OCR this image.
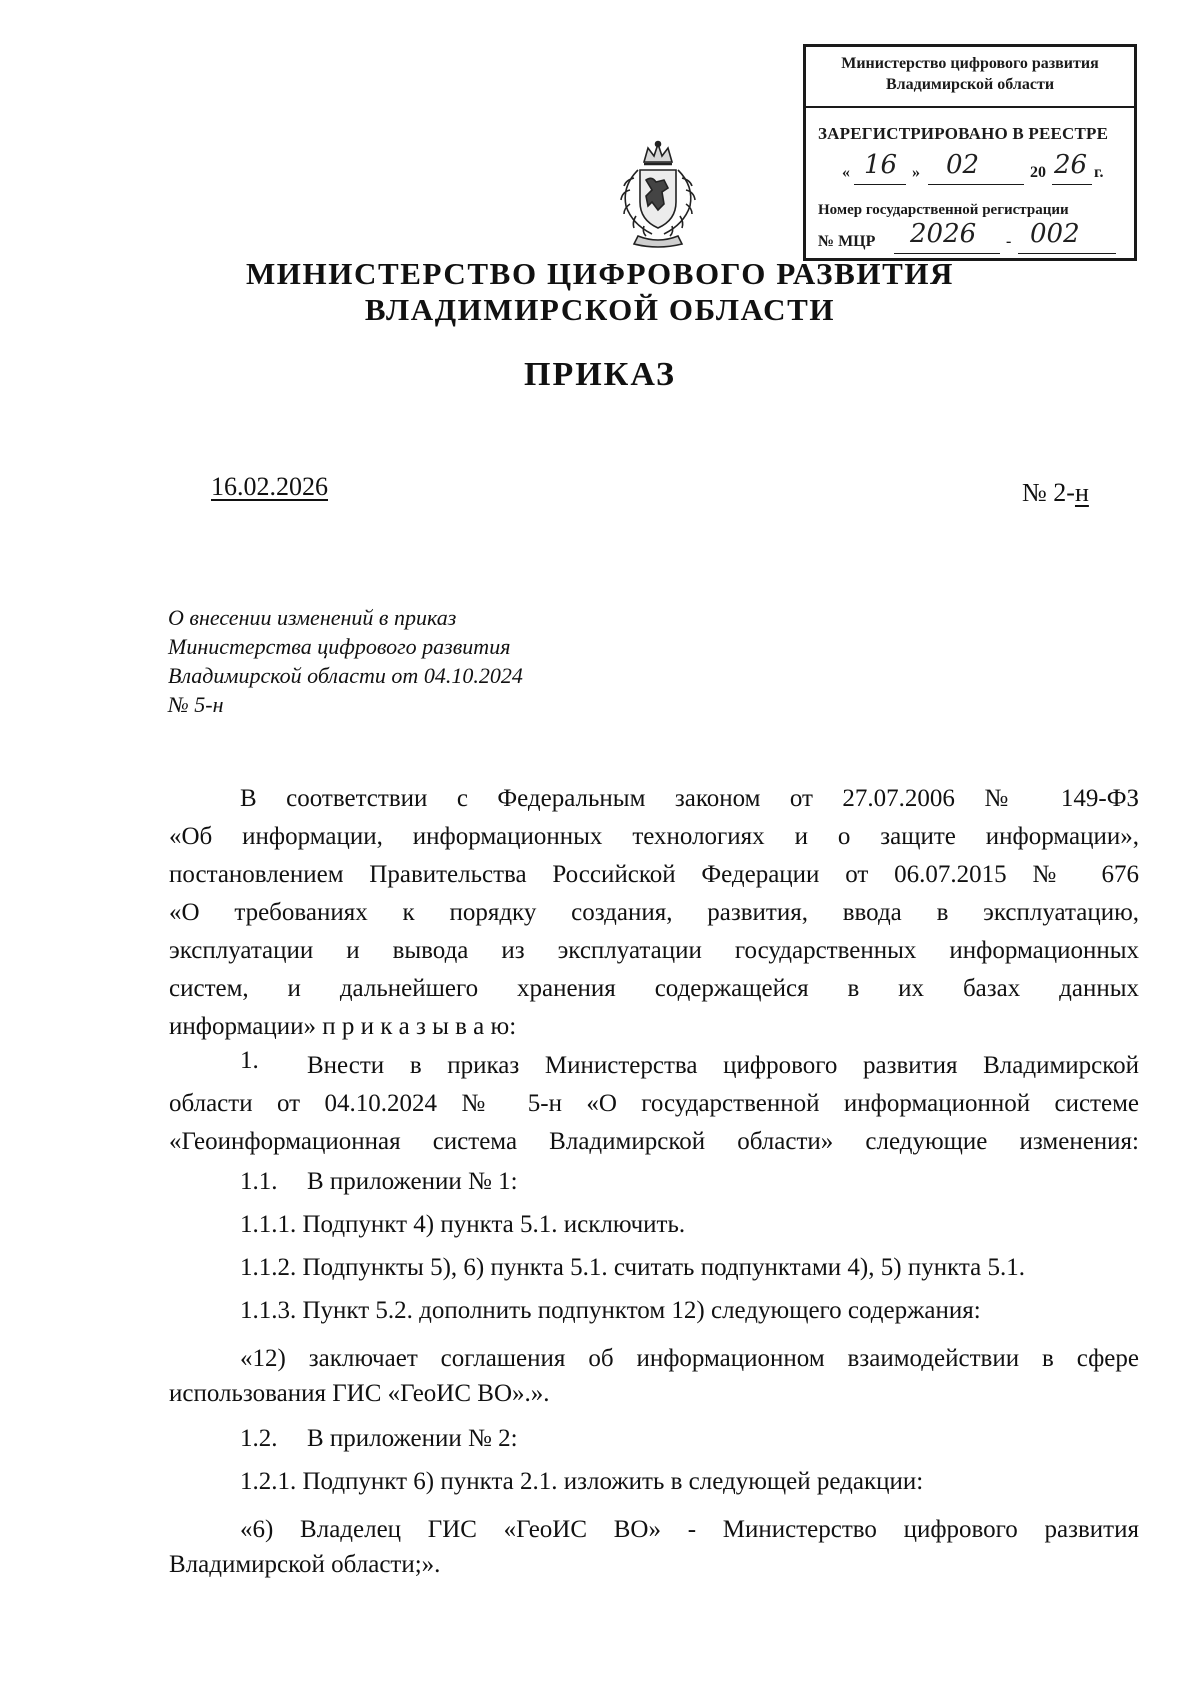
Министерство цифрового развития
Владимирской области
ЗАРЕГИСТРИРОВАНО В РЕЕСТРЕ
« 16 » 02	20 26 г.
Номер государственной регистрации
№ МЦР 2026 - 002
МИНИСТЕРСТВО ЦИФРОВОГО РАЗВИТИЯ
ВЛАДИМИРСКОЙ ОБЛАСТИ
ПРИКАЗ
16.02.2026	№ 2-н
О внесении изменений в приказ
Министерства цифрового развития
Владимирской области от 04.10.2024
№ 5-н
В соответствии с Федеральным законом от 27.07.2006 № 149-ФЗ
«Об информации, информационных технологиях и о защите информации»,
постановлением Правительства Российской Федерации от 06.07.2015 № 676
«О требованиях к порядку создания, развития, ввода в эксплуатацию,
эксплуатации и вывода из эксплуатации государственных информационных
систем, и дальнейшего хранения содержащейся в их базах данных
информации» п р и к а з ы в а ю:
1. Внести в приказ Министерства цифрового развития Владимирской
области от 04.10.2024 № 5-н «О государственной информационной системе
«Геоинформационная система Владимирской области» следующие изменения:
1.1. В приложении № 1:
1.1.1. Подпункт 4) пункта 5.1. исключить.
1.1.2. Подпункты 5), 6) пункта 5.1. считать подпунктами 4), 5) пункта 5.1.
1.1.3. Пункт 5.2. дополнить подпунктом 12) следующего содержания:
«12) заключает соглашения об информационном взаимодействии в сфере
использования ГИС «ГеоИС ВО».».
1.2. В приложении № 2:
1.2.1. Подпункт 6) пункта 2.1. изложить в следующей редакции:
«6) Владелец ГИС «ГеоИС ВО» - Министерство цифрового развития
Владимирской области;».
